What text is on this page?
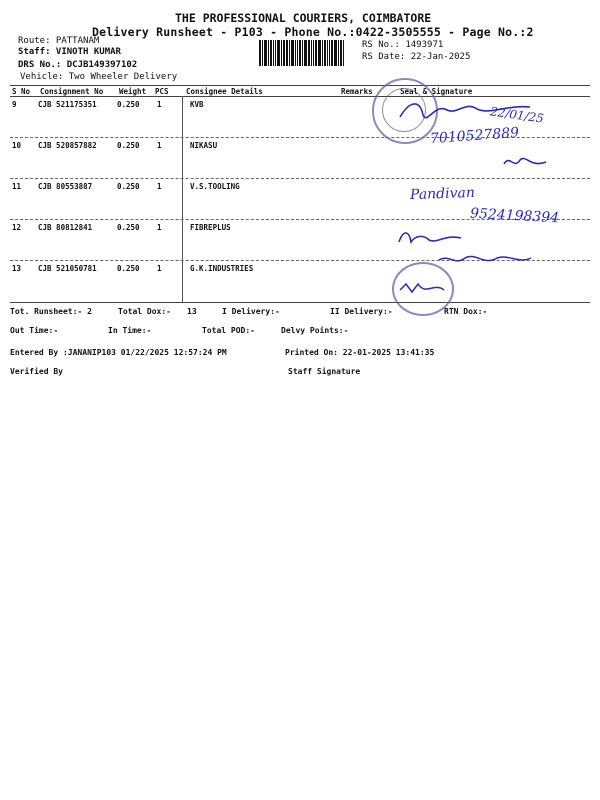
THE PROFESSIONAL COURIERS, COIMBATORE
Delivery Runsheet - P103 - Phone No.:0422-3505555 - Page No.:2
Route: PATTANAM
Staff: VINOTH KUMAR
DRS No.: DCJB149397102
Vehicle: Two Wheeler Delivery
RS No.: 1493971
RS Date: 22-Jan-2025
S No Consignment No Weight PCS Consignee Details	Remarks	Seal & Signature
9	CJB 521175351	0.250 1	KVB
10 CJB 520857882	0.250 1	NIKASU
11 CJB 80553887	0.250 1	V.S.TOOLING
12 CJB 80812841	0.250 1	FIBREPLUS
13 CJB 521050781	0.250 1	G.K.INDUSTRIES
22/01/25
7010527889
Pandivan
9524198394
Tot. Runsheet:- 2	Total Dox:- 13	I Delivery:-	II Delivery:-	RTN Dox:-
Out Time:-	In Time:-	Total POD:-	Delvy Points:-
Entered By :JANANIP103 01/22/2025 12:57:24 PM	Printed On: 22-01-2025 13:41:35
Verified By	Staff Signature
